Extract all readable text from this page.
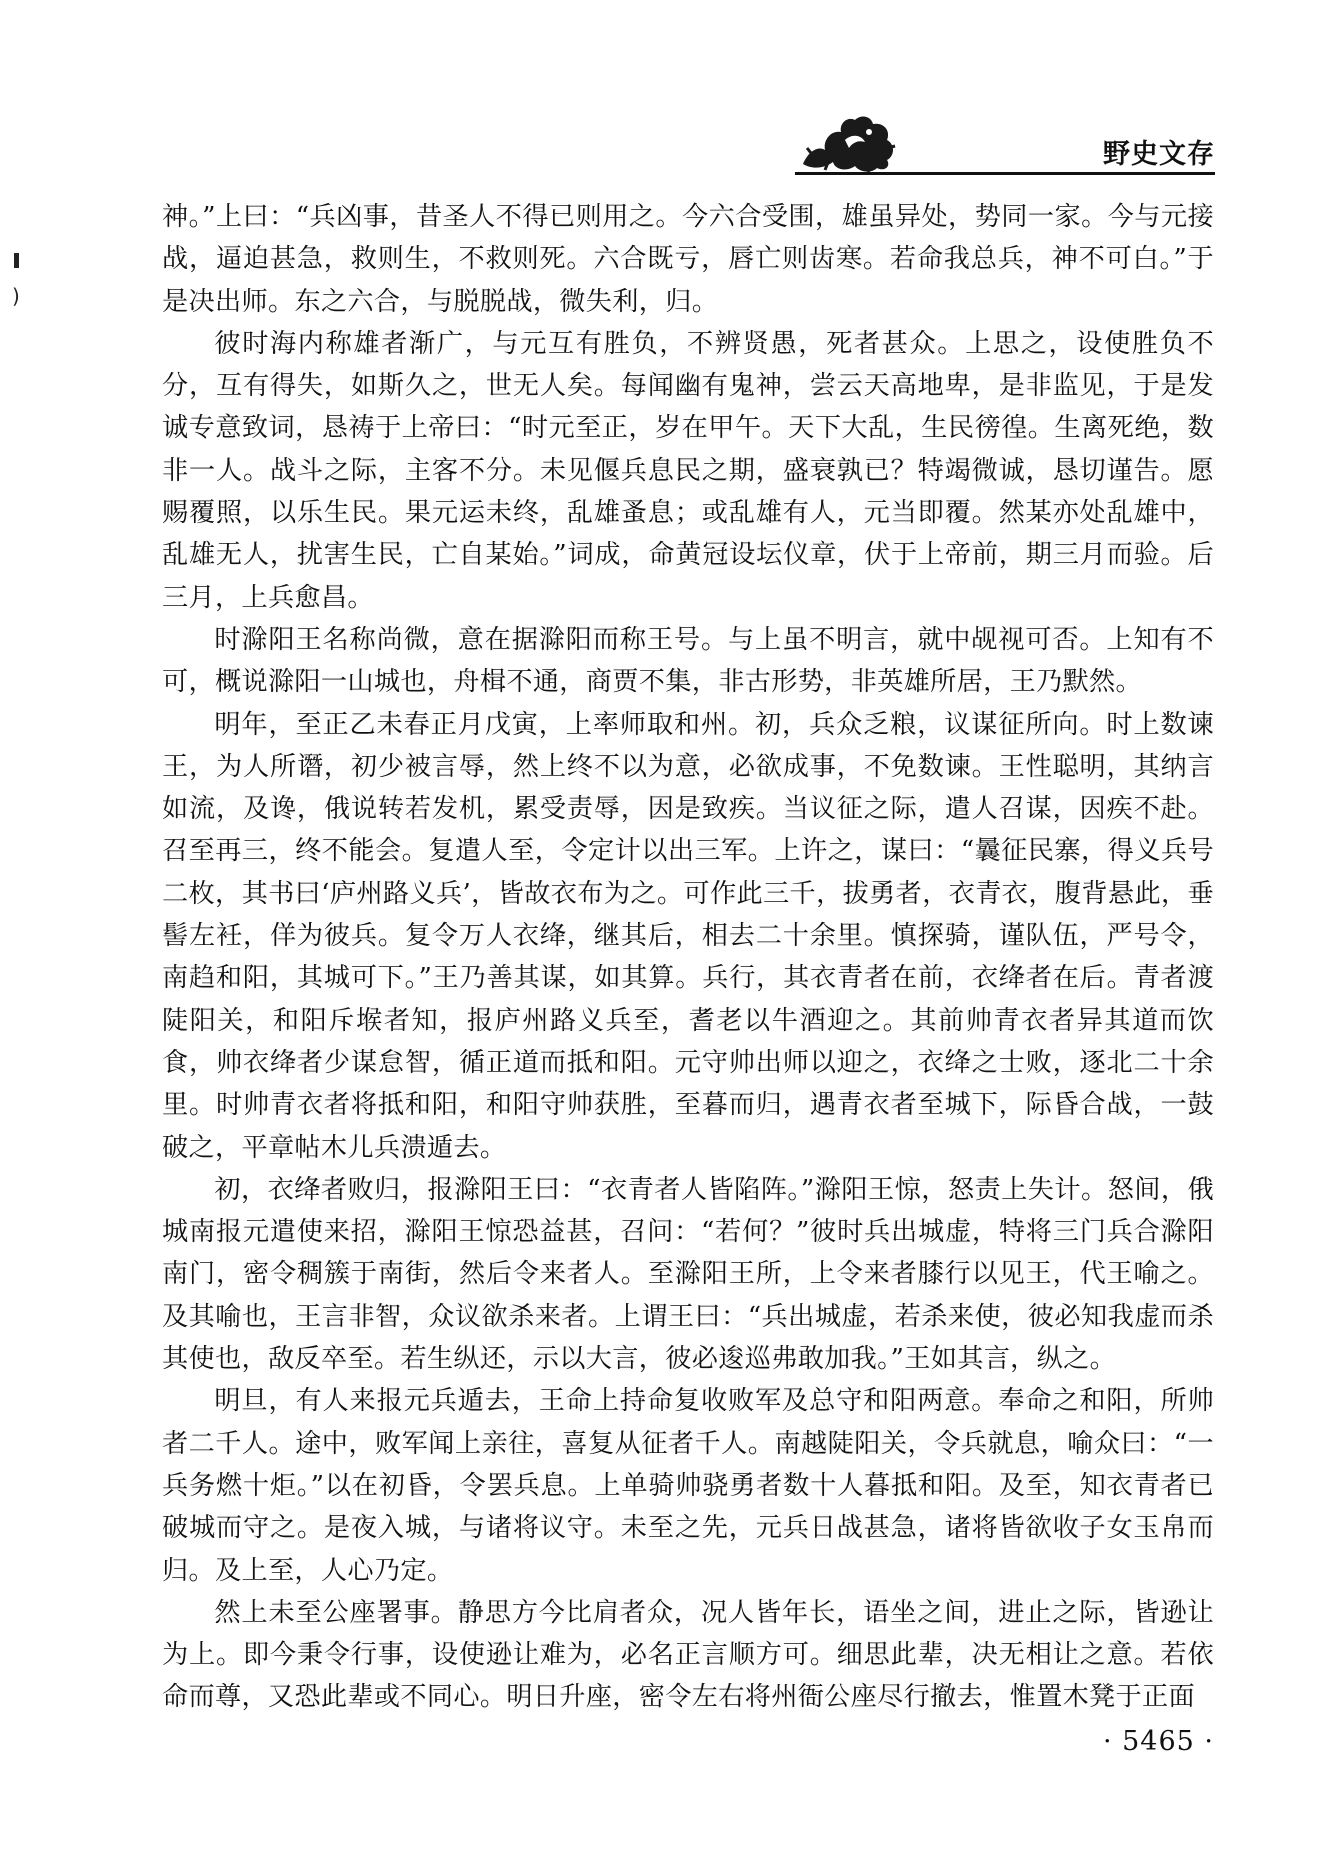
野史文存
)

神。”上曰：“兵凶事，昔圣人不得已则用之。今六合受围，雄虽异处，势同一家。今与元接战，逼迫甚急，救则生，不救则死。六合既亏，唇亡则齿寒。若命我总兵，神不可白。”于是决出师。东之六合，与脱脱战，微失利，归。

彼时海内称雄者渐广，与元互有胜负，不辨贤愚，死者甚众。上思之，设使胜负不分，互有得失，如斯久之，世无人矣。每闻幽有鬼神，尝云天高地卑，是非监见，于是发诚专意致词，恳祷于上帝曰：“时元至正，岁在甲午。天下大乱，生民徬徨。生离死绝，数非一人。战斗之际，主客不分。未见偃兵息民之期，盛衰孰已？特竭微诚，恳切谨告。愿赐覆照，以乐生民。果元运未终，乱雄蚤息；或乱雄有人，元当即覆。然某亦处乱雄中，乱雄无人，扰害生民，亡自某始。”词成，命黄冠设坛仪章，伏于上帝前，期三月而验。后三月，上兵愈昌。

时滁阳王名称尚微，意在据滁阳而称王号。与上虽不明言，就中觇视可否。上知有不可，概说滁阳一山城也，舟楫不通，商贾不集，非古形势，非英雄所居，王乃默然。

明年，至正乙未春正月戊寅，上率师取和州。初，兵众乏粮，议谋征所向。时上数谏王，为人所谮，初少被言辱，然上终不以为意，必欲成事，不免数谏。王性聪明，其纳言如流，及谗，俄说转若发机，累受责辱，因是致疾。当议征之际，遣人召谋，因疾不赴。召至再三，终不能会。复遣人至，令定计以出三军。上许之，谋曰：“曩征民寨，得义兵号二枚，其书曰‘庐州路义兵’，皆故衣布为之。可作此三千，拔勇者，衣青衣，腹背悬此，垂髻左衽，佯为彼兵。复令万人衣绛，继其后，相去二十余里。慎探骑，谨队伍，严号令，南趋和阳，其城可下。”王乃善其谋，如其算。兵行，其衣青者在前，衣绛者在后。青者渡陡阳关，和阳斥堠者知，报庐州路义兵至，耆老以牛酒迎之。其前帅青衣者异其道而饮食，帅衣绛者少谋怠智，循正道而抵和阳。元守帅出师以迎之，衣绛之士败，逐北二十余里。时帅青衣者将抵和阳，和阳守帅获胜，至暮而归，遇青衣者至城下，际昏合战，一鼓破之，平章帖木儿兵溃遁去。

初，衣绛者败归，报滁阳王曰：“衣青者人皆陷阵。”滁阳王惊，怒责上失计。怒间，俄城南报元遣使来招，滁阳王惊恐益甚，召问：“若何？”彼时兵出城虚，特将三门兵合滁阳南门，密令稠簇于南街，然后令来者人。至滁阳王所，上令来者膝行以见王，代王喻之。及其喻也，王言非智，众议欲杀来者。上谓王曰：“兵出城虚，若杀来使，彼必知我虚而杀其使也，敌反卒至。若生纵还，示以大言，彼必逡巡弗敢加我。”王如其言，纵之。

明旦，有人来报元兵遁去，王命上持命复收败军及总守和阳两意。奉命之和阳，所帅者二千人。途中，败军闻上亲往，喜复从征者千人。南越陡阳关，令兵就息，喻众曰：“一兵务燃十炬。”以在初昏，令罢兵息。上单骑帅骁勇者数十人暮抵和阳。及至，知衣青者已破城而守之。是夜入城，与诸将议守。未至之先，元兵日战甚急，诸将皆欲收子女玉帛而归。及上至，人心乃定。

然上未至公座署事。静思方今比肩者众，况人皆年长，语坐之间，进止之际，皆逊让为上。即今秉令行事，设使逊让难为，必名正言顺方可。细思此辈，决无相让之意。若依命而尊，又恐此辈或不同心。明日升座，密令左右将州衙公座尽行撤去，惟置木凳于正面

· 5465 ·
